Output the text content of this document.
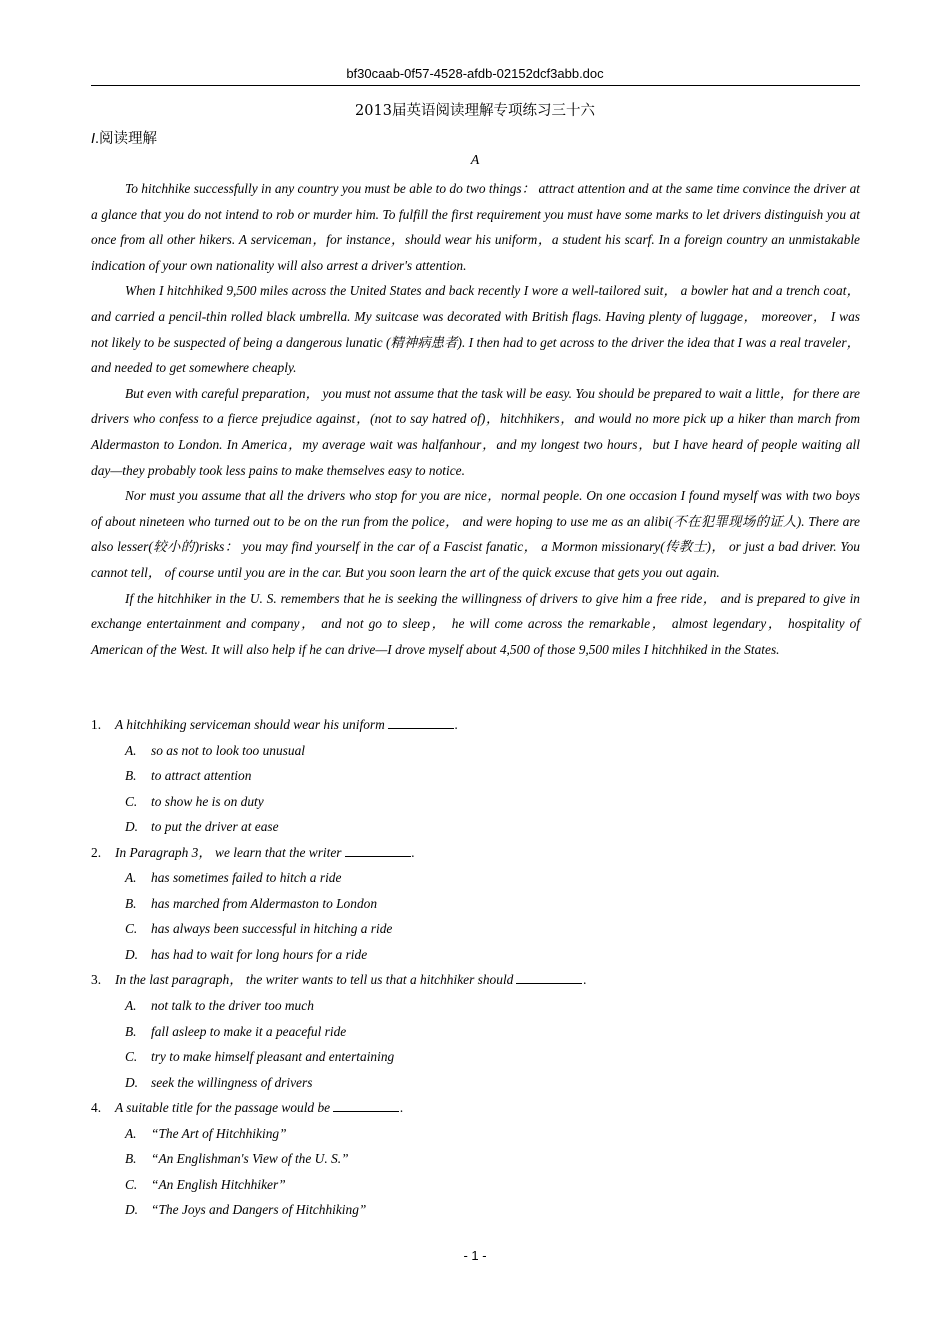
bf30caab-0f57-4528-afdb-02152dcf3abb.doc
2013届英语阅读理解专项练习三十六
I.阅读理解
A

To hitchhike successfully in any country you must be able to do two things： attract attention and at the same time convince the driver at a glance that you do not intend to rob or murder him. To fulfill the first requirement you must have some marks to let drivers distinguish you at once from all other hikers. A serviceman，for instance，should wear his uniform，a student his scarf. In a foreign country an unmistakable indication of your own nationality will also arrest a driver's attention.

When I hitchhiked 9,500 miles across the United States and back recently I wore a well-tailored suit， a bowler hat and a trench coat， and carried a pencil-thin rolled black umbrella. My suitcase was decorated with British flags. Having plenty of luggage， moreover， I was not likely to be suspected of being a dangerous lunatic (精神病患者). I then had to get across to the driver the idea that I was a real traveler， and needed to get somewhere cheaply.

But even with careful preparation， you must not assume that the task will be easy. You should be prepared to wait a little，for there are drivers who confess to a fierce prejudice against，(not to say hatred of)，hitchhikers，and would no more pick up a hiker than march from Aldermaston to London. In America，my average wait was halfanhour，and my longest two hours，but I have heard of people waiting all day—they probably took less pains to make themselves easy to notice.

Nor must you assume that all the drivers who stop for you are nice，normal people. On one occasion I found myself was with two boys of about nineteen who turned out to be on the run from the police， and were hoping to use me as an alibi(不在犯罪现场的证人). There are also lesser(较小的)risks： you may find yourself in the car of a Fascist fanatic， a Mormon missionary(传教士)， or just a bad driver. You cannot tell， of course until you are in the car. But you soon learn the art of the quick excuse that gets you out again.

If the hitchhiker in the U. S. remembers that he is seeking the willingness of drivers to give him a free ride， and is prepared to give in exchange entertainment and company， and not go to sleep， he will come across the remarkable， almost legendary， hospitality of American of the West. It will also help if he can drive—I drove myself about 4,500 of those 9,500 miles I hitchhiked in the States.

1. A hitchhiking serviceman should wear his uniform	.
A. so as not to look too unusual
B. to attract attention
C. to show he is on duty
D. to put the driver at ease
2. In Paragraph 3， we learn that the writer	.
A. has sometimes failed to hitch a ride
B. has marched from Aldermaston to London
C. has always been successful in hitching a ride
D. has had to wait for long hours for a ride
3. In the last paragraph， the writer wants to tell us that a hitchhiker should	.
A. not talk to the driver too much
B. fall asleep to make it a peaceful ride
C. try to make himself pleasant and entertaining
D. seek the willingness of drivers
4. A suitable title for the passage would be	.
A. “The Art of Hitchhiking”
B. “An Englishman's View of the U. S.”
C. “An English Hitchhiker”
D. “The Joys and Dangers of Hitchhiking”
- 1 -
